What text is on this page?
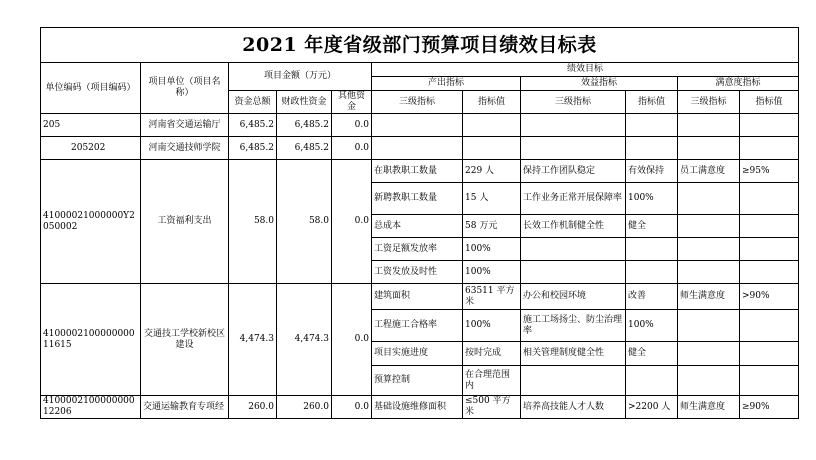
2021 年度省级部门预算项目绩效目标表										
单位编码（项目编码）	项目单位（项目名称）	项目金额（万元）			绩效目标					
					产出指标		效益指标		满意度指标	
		资金总额	财政性资金	其他资金	三级指标	指标值	三级指标	指标值	三级指标	指标值
205	河南省交通运输厅	6,485.2	6,485.2	0.0						
205202	河南交通技师学院	6,485.2	6,485.2	0.0						
41000021000000Y2050002	工资福利支出	58.0	58.0	0.0	在职教职工数量	229 人	保持工作团队稳定	有效保持	员工满意度	≥95%
					新聘教职工数量	15 人	工作业务正常开展保障率	100%		
					总成本	58 万元	长效工作机制健全性	健全		
					工资足额发放率	100%				
					工资发放及时性	100%				
410000210000000011615	交通技工学校新校区建设	4,474.3	4,474.3	0.0	建筑面积	63511 平方米	办公和校园环境	改善	师生满意度	>90%
					工程施工合格率	100%	施工工场扬尘、防尘治理率	100%		
					项目实施进度	按时完成	相关管理制度健全性	健全		
					预算控制	在合理范围内				
410000210000000012206	交通运输教育专项经	260.0	260.0	0.0	基础设施维修面积	≤500 平方米	培养高技能人才人数	>2200 人	师生满意度	≥90%
